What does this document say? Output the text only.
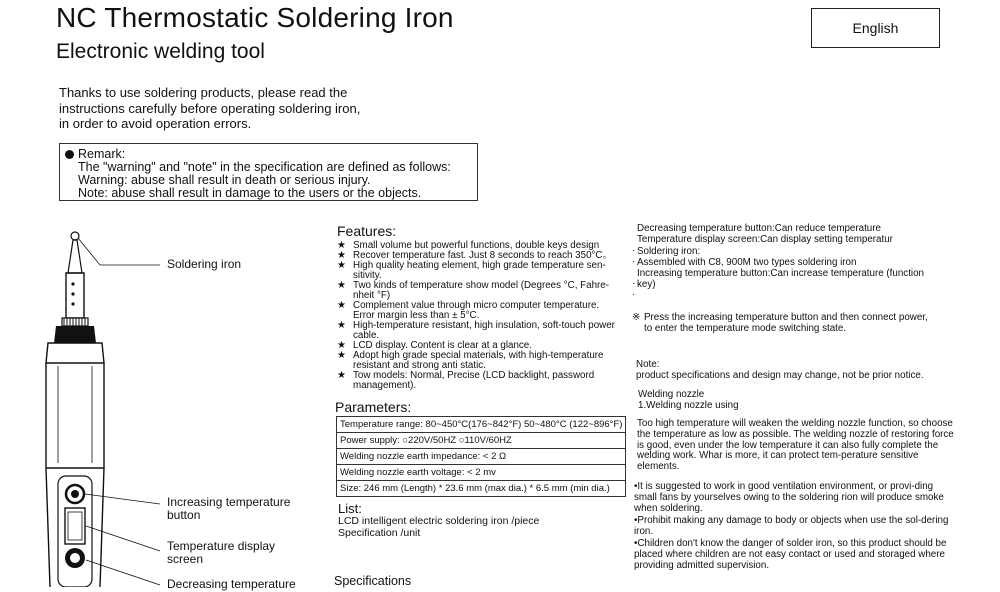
NC Thermostatic Soldering Iron
Electronic welding tool
English
Thanks to use soldering products, please read the
instructions carefully before operating soldering iron,
in order to avoid operation errors.
Remark:
The "warning" and "note" in the specification are defined as follows:
Warning: abuse shall result in death or serious injury.
Note: abuse shall result in damage to the users or the objects.
Soldering iron
Increasing temperature
button
Temperature display
screen
Decreasing temperature
Features:
★ Small volume but powerful functions, double keys design
★ Recover temperature fast. Just 8 seconds to reach 350°C。
★ High quality heating element, high grade temperature sen-
sitivity.
★ Two kinds of temperature show model (Degrees °C, Fahre-
nheit °F)
★ Complement value through micro computer temperature.
Error margin less than ± 5°C.
★ High-temperature resistant, high insulation, soft-touch power
cable.
★ LCD display. Content is clear at a glance.
★ Adopt high grade special materials, with high-temperature
resistant and strong anti static.
★ Tow models: Normal, Precise (LCD backlight, password
management).
Parameters:
Temperature range: 80~450°C(176~842°F) 50~480°C (122~896°F)
Power supply: ○220V/50HZ ○110V/60HZ
Welding nozzle earth impedance: < 2 Ω
Welding nozzle earth voltage: < 2 mv
Size: 246 mm (Length) * 23.6 mm (max dia.) * 6.5 mm (min dia.)
List:
LCD intelligent electric soldering iron /piece
Specification /unit
Specifications
Decreasing temperature button:Can reduce temperature
Temperature display screen:Can display setting temperatur
· Soldering iron:
· Assembled with C8, 900M two types soldering iron
Increasing temperature button:Can increase temperature (function
· key)
·
※ Press the increasing temperature button and then connect power,
to enter the temperature mode switching state.
Note:
product specifications and design may change, not be prior notice.
Welding nozzle
1.Welding nozzle using
Too high temperature will weaken the welding nozzle function, so choose the temperature as low as possible. The welding nozzle of restoring force is good, even under the low temperature it can also fully complete the welding work. Whar is more, it can protect tem-perature sensitive elements.
•It is suggested to work in good ventilation environment, or provi-ding small fans by yourselves owing to the soldering rion will produce smoke when soldering.
•Prohibit making any damage to body or objects when use the sol-dering iron.
•Children don't know the danger of solder iron, so this product should be placed where children are not easy contact or used and storaged where providing admitted supervision.
